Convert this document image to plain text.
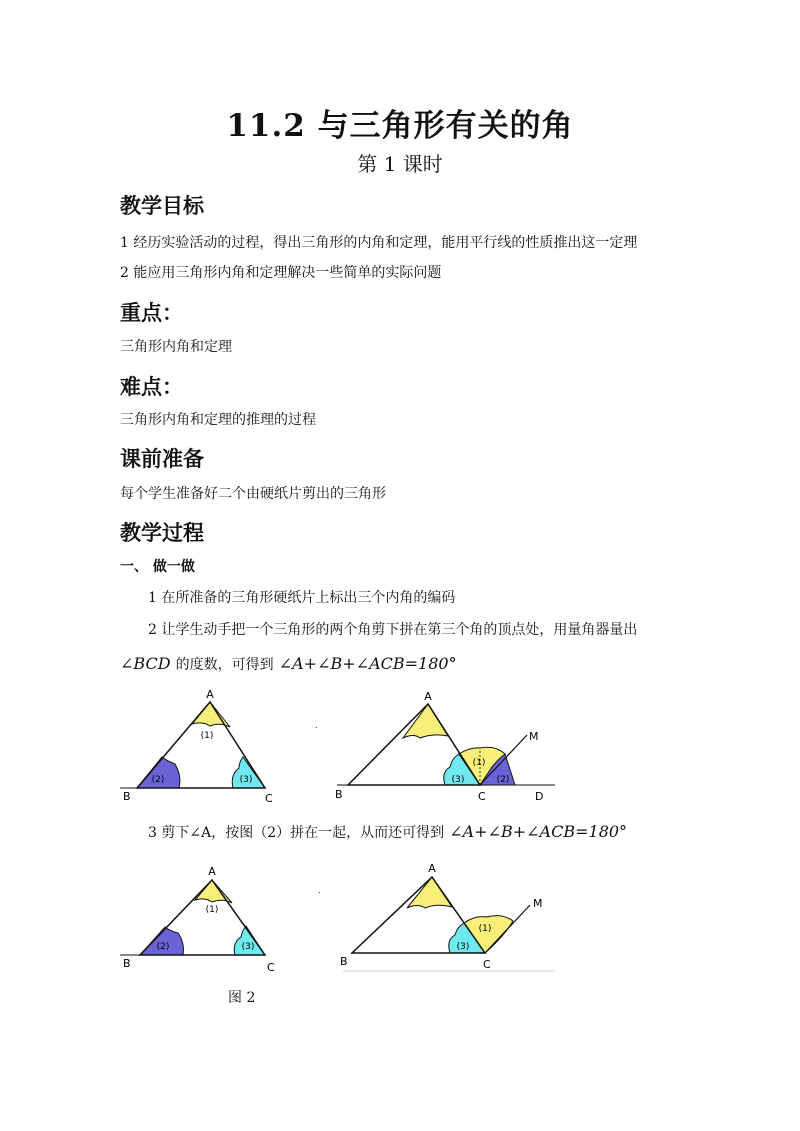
11.2 与三角形有关的角
第 1 课时
教学目标
1 经历实验活动的过程，得出三角形的内角和定理，能用平行线的性质推出这一定理
2 能应用三角形内角和定理解决一些简单的实际问题
重点：
三角形内角和定理
难点：
三角形内角和定理的推理的过程
课前准备
每个学生准备好二个由硬纸片剪出的三角形
教学过程
一、 做一做
1 在所准备的三角形硬纸片上标出三个内角的编码
2 让学生动手把一个三角形的两个角剪下拼在第三个角的顶点处，用量角器量出
∠BCD 的度数，可得到 ∠A+∠B+∠ACB=180°
A
B	C
(1)
(2)	(3)
.
A
B	C	D
M
(3)
(1)
(2)
3 剪下∠A，按图（2）拼在一起，从而还可得到 ∠A+∠B+∠ACB=180°
A
B	C
(1)
(2)	(3)
.
A
B	C
M
(3)
(1)
图 2
